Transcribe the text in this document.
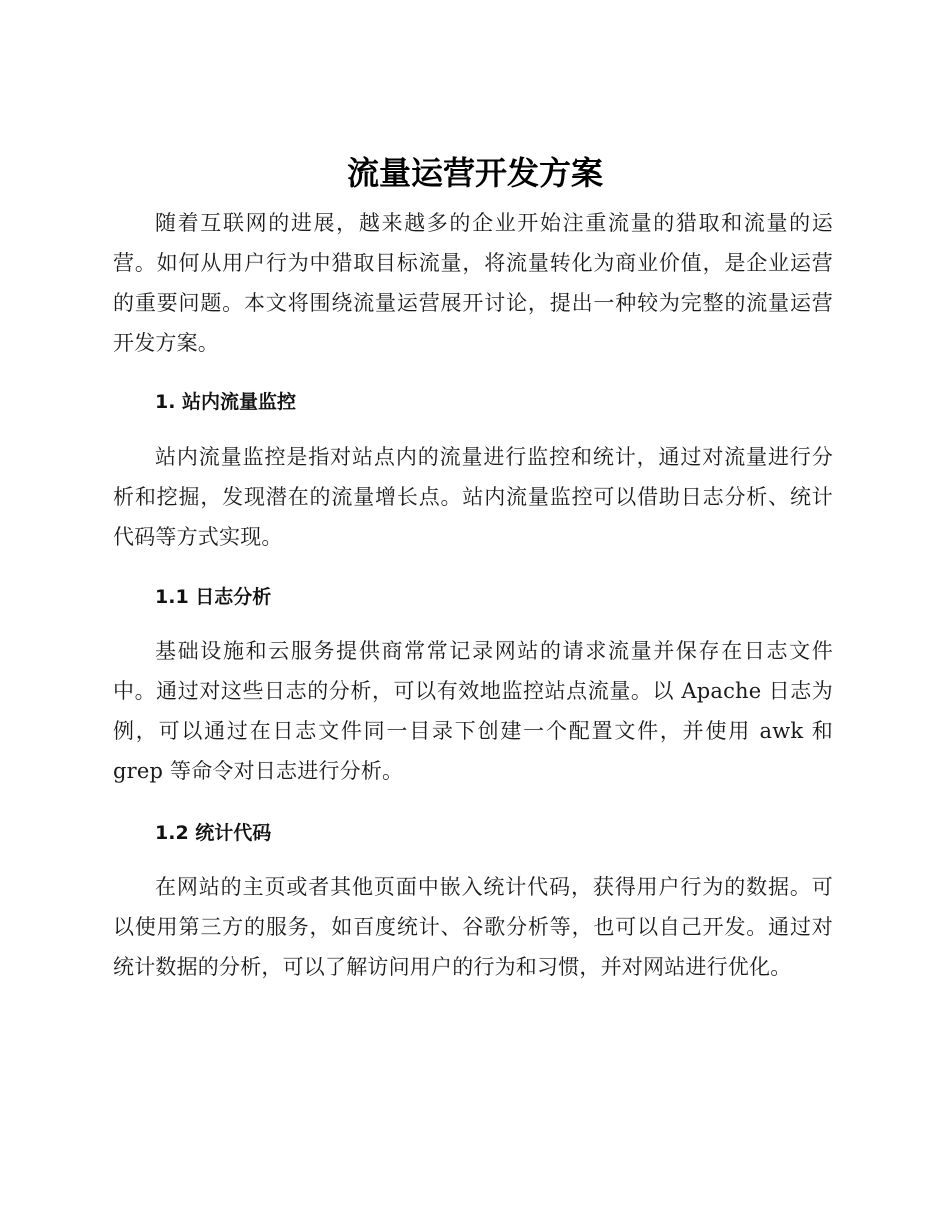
流量运营开发方案

随着互联网的进展，越来越多的企业开始注重流量的猎取和流量的运营。如何从用户行为中猎取目标流量，将流量转化为商业价值，是企业运营的重要问题。本文将围绕流量运营展开讨论，提出一种较为完整的流量运营开发方案。

1. 站内流量监控

站内流量监控是指对站点内的流量进行监控和统计，通过对流量进行分析和挖掘，发现潜在的流量增长点。站内流量监控可以借助日志分析、统计代码等方式实现。

1.1 日志分析

基础设施和云服务提供商常常记录网站的请求流量并保存在日志文件中。通过对这些日志的分析，可以有效地监控站点流量。以 Apache 日志为例，可以通过在日志文件同一目录下创建一个配置文件，并使用 awk 和 grep 等命令对日志进行分析。

1.2 统计代码

在网站的主页或者其他页面中嵌入统计代码，获得用户行为的数据。可以使用第三方的服务，如百度统计、谷歌分析等，也可以自己开发。通过对统计数据的分析，可以了解访问用户的行为和习惯，并对网站进行优化。
